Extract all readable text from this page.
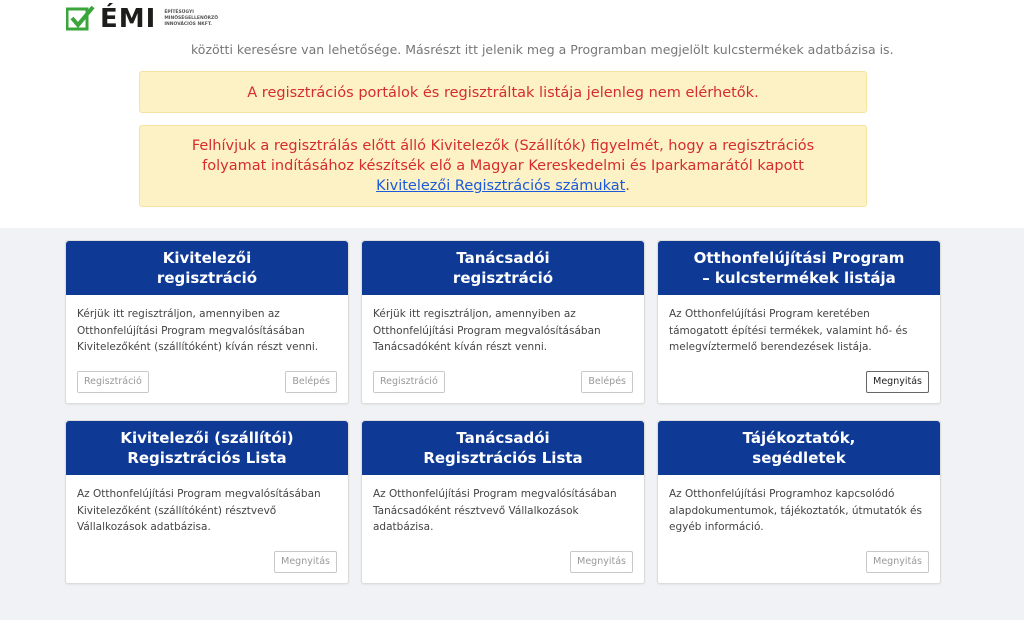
ÉMI ÉPÍTÉSÜGYI
MINŐSÉGELLENŐRZŐ
INNOVÁCIÓS NKFT.
közötti keresésre van lehetősége. Másrészt itt jelenik meg a Programban megjelölt kulcstermékek adatbázisa is.
A regisztrációs portálok és regisztráltak listája jelenleg nem elérhetők.
Felhívjuk a regisztrálás előtt álló Kivitelezők (Szállítók) figyelmét, hogy a regisztrációs folyamat indításához készítsék elő a Magyar Kereskedelmi és Iparkamarától kapott Kivitelezői Regisztrációs számukat.
Kivitelezői
regisztráció
Kérjük itt regisztráljon, amennyiben az Otthonfelújítási Program megvalósításában Kivitelezőként (szállítóként) kíván részt venni.
Regisztráció	Belépés
Tanácsadói
regisztráció
Kérjük itt regisztráljon, amennyiben az Otthonfelújítási Program megvalósításában Tanácsadóként kíván részt venni.
Regisztráció	Belépés
Otthonfelújítási Program
– kulcstermékek listája
Az Otthonfelújítási Program keretében támogatott építési termékek, valamint hő- és melegvíztermelő berendezések listája.
Megnyitás
Kivitelezői (szállítói)
Regisztrációs Lista
Az Otthonfelújítási Program megvalósításában Kivitelezőként (szállítóként) résztvevő Vállalkozások adatbázisa.
Megnyitás
Tanácsadói
Regisztrációs Lista
Az Otthonfelújítási Program megvalósításában Tanácsadóként résztvevő Vállalkozások adatbázisa.
Megnyitás
Tájékoztatók,
segédletek
Az Otthonfelújítási Programhoz kapcsolódó alapdokumentumok, tájékoztatók, útmutatók és egyéb információ.
Megnyitás
